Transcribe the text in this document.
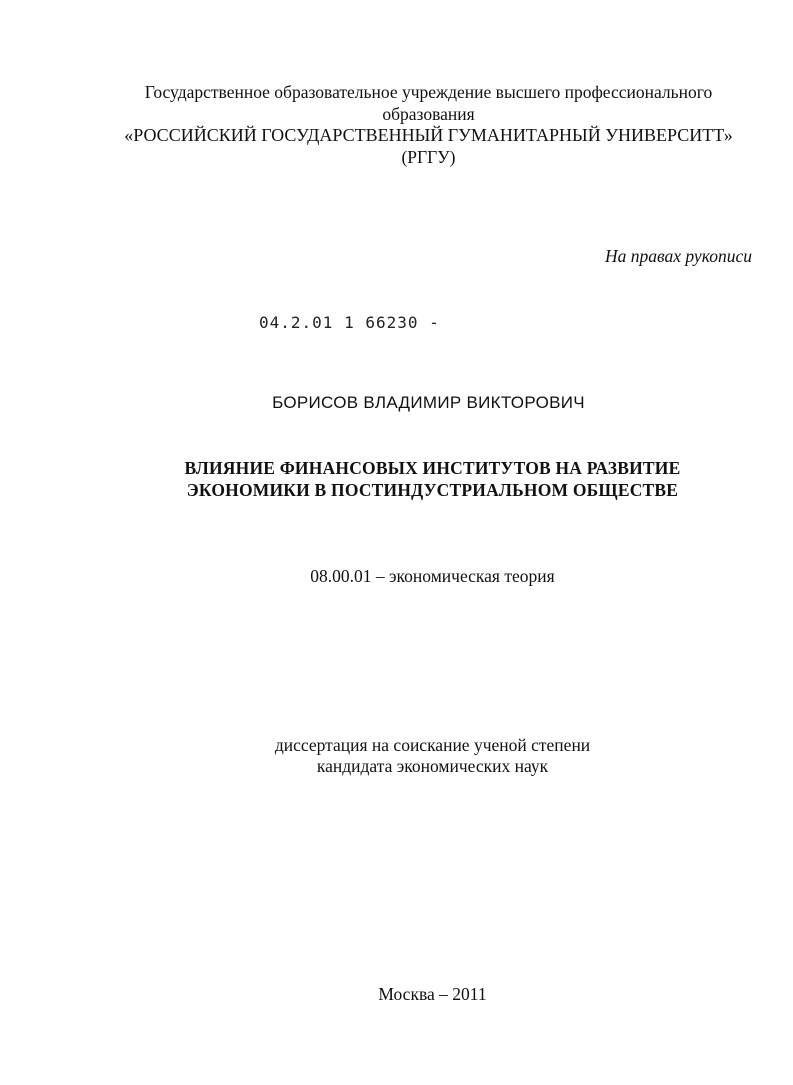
Государственное образовательное учреждение высшего профессионального
образования
«РОССИЙСКИЙ ГОСУДАРСТВЕННЫЙ ГУМАНИТАРНЫЙ УНИВЕРСИТТ»
(РГГУ)
На правах рукописи
04.2.01 1 66230 -
БОРИСОВ ВЛАДИМИР ВИКТОРОВИЧ
ВЛИЯНИЕ ФИНАНСОВЫХ ИНСТИТУТОВ НА РАЗВИТИЕ
ЭКОНОМИКИ В ПОСТИНДУСТРИАЛЬНОМ ОБЩЕСТВЕ
08.00.01 – экономическая теория
диссертация на соискание ученой степени
кандидата экономических наук
Москва – 2011
